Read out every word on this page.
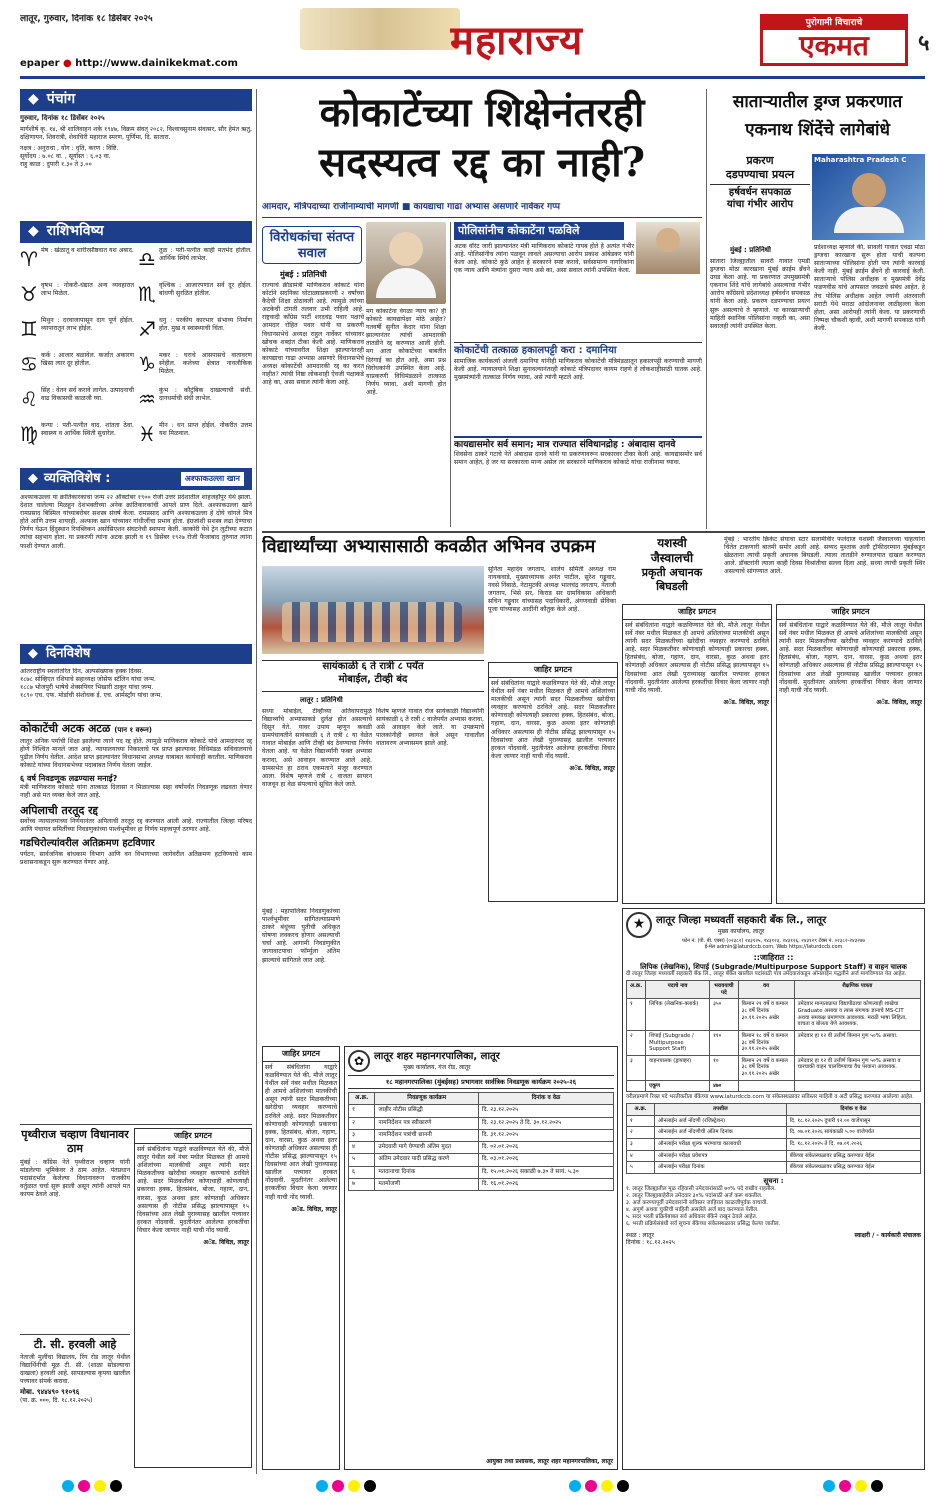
लातूर, गुरुवार, दिनांक १८ डिसेंबर २०२५
epaper ● http://www.dainikekmat.com	महाराज्य	पुरोगामी विचाराचे
एकमत	५
◆ पंचांग
गुरुवार, दिनांक १८ डिसेंबर २०२५
मार्गशीर्ष कृ. १४, श्री शालिवाहन शके १९४७, विक्रम संवत् २०८२, विश्वावसुनाम संवत्सर, सौर हेमंत ऋतु, दक्षिणायन, शिवरात्री, शेवाचिरी महाराज स्मरण, पूर्णिमा, दि. सातारा.
नक्षत्र : अनुराधा , योग : धृति, करण : विष्टि.
सूर्योदय : ७.०८ वा. , सूर्यास्त : ६.०३ वा.
राहु काळ : दुपारी १.३० ते ३.००
◆ राशिभविष्य
♈ मेष : खेळातू व शारीरसौष्ठवात यश अबाद. ♎ तूळ : पती-पत्नीत काही मतभेद होतील. आर्थिक स्थिर्य लाभेल.
♉ वृषभ : नोकरी-धंद्यात अन्य व्यवहारात लाभ मिळेल.	♏ वृश्चिक : आजारपणात सर्व दूर होईल. बांधणी सुरळित होतील.
♊ मिथुन : दरवाजापासून दाग पूर्ण होईल. व्यापारातून लाभ होईल.	♐ धनु : परकीय कारभार संभाव्य निर्माण होत. मुख व स्वास्थ्याची चिंता.
♋ कर्क : आजार बळावेल. कर्जात अकारण खिसा त्यार दूर होतील.	♑ मकर : घराचे आसपासचे वातावरण स्नेहील. कलेच्या क्षेत्रात नावलौकिक मिळेल.
♌ सिंह : वेतन सर्व करावे लागेल. उत्पादनाची वाढ विकासची काळजी घ्या.	♒ कुंभ : कौटुंबिक दाखल्याची संधी. दानधर्माची संधी लाभेल.
♍ कन्या : पती-पत्नीत वाद. शांतता ठेवा. स्वास्थ्य व आर्थिक स्थिती सुधारेल.	♓ मीन : धन प्राप्त होईल. नोकरीत उत्तम यश मिळवाल.
◆ व्यक्तिविशेष :	अश्फाकउल्ला खान
अश्फाकउल्ला या क्रांतिकारकाचा जन्म २२ ऑक्टोबर १९०० रोजी उत्तर प्रदेशातील शाहजहाँपूर येथे झाला. देशात चालेल्या मिळहून देशभक्तीच्या अनेक क्रांतिकारकांची आपले प्राण दिले. अश्फाकउल्ला खाने रामप्रसाद बिस्मिल यांच्याबरोबर सशस्त्र संघर्ष केला. रामप्रसाद आणि अश्फाकउल्ला हे दोघे चांगले मित्र होते आणि उत्तम शायरही. अश्फाक खान यांच्यावर गांधीजींचा प्रभाव होता. इंग्रजांशी सशस्त्र लढा देण्याचा निर्णय घेऊन हिंदुस्थान रिपब्लिकन असोसिएशन संघटनेची स्थापना केली. काकोरी येथे ट्रेन लुटीच्या कटात त्यांचा सहभाग होता. या प्रकरणी त्यांना अटक झाली व १९ डिसेंबर १९२७ रोजी फैजाबाद तुरुंगात त्यांना फाशी देण्यात आली.
◆ दिनविशेष
आंतरराष्ट्रीय स्थलांतरित दिन, अल्पसंख्याक हक्क दिवस.
१८७८ सोव्हिएत रशियाचे सहाध्यक्ष जोसेफ स्टॅलिन यांचा जन्म.
१८८७ भोजपुरी भाषेचे शेक्सपियर भिखारी ठाकूर यांचा जन्म.
१८९० एच. एफ. मोर्डाची संशोधक ई. एच. आर्मस्ट्राँग यांचा जन्म.
कोकाटेंची अटक अटळ (पान १ वरून)
लातूर अनिक पर्याची शिक्षा झालेल्या त्याने पद रद्द होते. त्यामुळे माणिकराव कोकाटे यांचे आमदारपद रद्द होणे निश्चित मानले जात आहे. न्यायालयाच्या निकालाचे पत्र प्राप्त झाल्यावर विधिमंडळ सचिवालयाचे पुढील निर्णय घेतील. आदेश प्राप्त झाल्यानंतर विधानसभा अध्यक्ष याबाबत कार्यवाही करतील. माणिकराव कोकाटे यांच्या विधानसभेच्या पदाबाबत निर्णय घेतला जाईल.
६ वर्ष निवडणूक लढण्यास मनाई?
मंत्री माणिकराव कोकाटे यांना तात्काळ दिलासा न मिळाल्यास सहा वर्षांपर्यंत निवडणूक लढवता येणार नाही असे मत व्यक्त केले जात आहे.
अपिलाची तरतूद रद्द
सर्वोच्च न्यायालयाच्या निर्णयानंतर अपिलाची तरतूद रद्द करण्यात आली आहे. राज्यातील जिल्हा परिषद आणि पंचायत समितींच्या निवडणुकांच्या पार्श्वभूमीवर हा निर्णय महत्त्वपूर्ण ठरणार आहे.
गडचिरोल्यांवरील अतिक्रमण हटविणार
पर्यटन, सार्वजनिक बांधकाम विभाग आणि वन विभागाच्या जागेवरील अतिक्रमण हटविण्याचे काम प्रशासनाकडून सुरू करण्यात येणार आहे.
पृथ्वीराज चव्हाण विधानावर ठाम
मुंबई : काँग्रेस नेते पृथ्वीराज चव्हाण यांनी मांडलेल्या भूमिकेवर ते ठाम आहेत. पंतप्रधान पदासंदर्भात केलेल्या विधानावरून राजकीय वर्तुळात चर्चा सुरू झाली असून त्यांनी आपले मत कायम ठेवले आहे.
टी. सी. हरवली आहे
नेताजी मुलींचा विद्यालय, रिंग रोड लातूर येथील विद्यार्थिनीची मूळ टी. सी. (शाळा सोडल्याचा दाखला) हरवली आहे. सापडल्यास कृपया खालील पत्त्यावर संपर्क करावा.
मोबा. ९४४४९० ९१०९६
(पा. क्र. ०००, दि. १८.१२.२०२५)
जाहिर प्रगटन
सर्व संबंधितांना याद्वारे कळविण्यात येते की, मौजे लातूर येथील सर्वे नंबर मधील मिळकत ही आमचे अशिलांच्या मालकीची असून त्यांनी सदर मिळकतीच्या खरेदीचा व्यवहार करण्याचे ठरविले आहे. सदर मिळकतीवर कोणाचाही कोणत्याही प्रकारचा हक्क, हितसंबंध, बोजा, गहाण, दान, वारसा, कुळ अथवा इतर कोणताही अधिकार असल्यास ही नोटीस प्रसिद्ध झाल्यापासून १५ दिवसांच्या आत लेखी पुराव्यासह खालील पत्त्यावर हरकत नोंदवावी. मुदतीनंतर आलेल्या हरकतींचा विचार केला जाणार नाही याची नोंद घ्यावी.
अॅड. विधिज्ञ, लातूर
कोकाटेंच्या शिक्षेनंतरही
सदस्यत्व रद्द का नाही?
आमदार, मंत्रिपदाच्या राजीनाम्याची मागणी ■ कायद्याचा गाढा अभ्यास असणारे नार्वेकर गप्प
विरोधकांचा संतप्त सवाल
मुंबई : प्रतिनिधी
राज्याचे क्रीडामंत्री माणिकराव कोकाटे यांना कोर्टाने सदनिका घोटाळ्याप्रकरणी २ वर्षांच्या कैदेची शिक्षा ठोठावली आहे. त्यामुळे त्यांच्या अटकेची टांगती तलवार उभी राहिली आहे. राष्ट्रवादी काँग्रेस पार्टी शरदचंद्र पवार पक्षाचे आमदार रोहित पवार यांनी या प्रकरणी विधानसभेचे अध्यक्ष राहुल नार्वेकर यांच्यावर खोचक शब्दांत टीका केली आहे. माणिकराव कोकाटे यांच्यावरील शिक्षा झाल्यानंतरही कायद्याचा गाढा अभ्यास असणारे विधानसभेचे अध्यक्ष कोकाटेंची आमदारकी रद्द का करत नाहीत? त्यांची निष्ठा लोकशाही ऐवजी पक्षाकडे आहे का, असा सवाल त्यांनी केला आहे.
मग कोकाटेंना वेगळा न्याय का? ही कोकाटे कायद्यापेक्षा मोठे आहेत? गतवर्षी सुनील केदार यांना शिक्षा झाल्यानंतर त्यांची आमदारकी तातडीने रद्द करण्यात आली होती. मग आता कोकाटेंच्या बाबतीत दिरंगाई का होत आहे, असा प्रश्न विरोधकांनी उपस्थित केला आहे. याप्रकरणी विधिमंडळाने तात्काळ निर्णय घ्यावा, अशी मागणी होत आहे.
पोलिसांनीच कोकाटेंना पळविले
अटक वॉरंट जारी झाल्यानंतर मंत्री माणिकराव कोकाटे गायब होते हे अत्यंत गंभीर आहे. पोलिसांनीच त्यांना पळवून लावले असल्याचा आरोप प्रकाश आंबेडकर यांनी केला आहे. कोकाटे कुठे आहेत हे सरकारने स्पष्ट करावे, सर्वसामान्य नागरिकांना एक न्याय आणि मंत्र्यांना दुसरा न्याय असे का, असा सवाल त्यांनी उपस्थित केला.
कोकाटेंची तत्काळ हकालपट्टी करा : दमानिया
सामाजिक कार्यकर्त्या अंजली दमानिया यांनीही माणिकराव कोकाटेंची मंत्रिमंडळातून हकालपट्टी करण्याची मागणी केली आहे. न्यायालयाने शिक्षा सुनावल्यानंतरही कोकाटे मंत्रिपदावर कायम राहणे हे लोकशाहीसाठी घातक आहे. मुख्यमंत्र्यांनी तात्काळ निर्णय घ्यावा, असे त्यांनी म्हटले आहे.
कायद्यासमोर सर्व समान; मात्र राज्यात संविधानद्रोह : अंबादास दानवे
शिवसेना ठाकरे गटाचे नेते अंबादास दानवे यांनी या प्रकरणावरून सरकारवर टीका केली आहे. कायद्यासमोर सर्व समान आहेत, हे जर या सरकारला मान्य असेल तर सरकारने माणिकराव कोकाटे यांचा राजीनामा घ्यावा.
साताऱ्यातील ड्रग्ज प्रकरणात
एकनाथ शिंदेंचे लागेबांधे
प्रकरण
दडपण्याचा प्रयत्न
हर्षवर्धन सपकाळ
यांचा गंभीर आरोप
Maharashtra Pradesh C
मुंबई : प्रतिनिधी
सातारा जिल्ह्यातील सावरी गावात एमडी ड्रग्जचा मोठा कारखाना मुंबई क्राईम ब्रँचने उघड केला आहे. या प्रकरणात उपमुख्यमंत्री एकनाथ शिंदे यांचे लागेबांधे असल्याचा गंभीर आरोप काँग्रेसचे प्रदेशाध्यक्ष हर्षवर्धन सपकाळ यांनी केला आहे. प्रकरण दडपण्याचा प्रयत्न सुरू असल्याचे ते म्हणाले. या कारखान्याची माहिती स्थानिक पोलिसांना नव्हती का, असा सवालही त्यांनी उपस्थित केला.
प्रदेशाध्यक्ष म्हणाले की, सावली गावात एवढा मोठा ड्रग्जचा कारखाना सुरू होता याची कल्पना साताऱ्याच्या पोलिसांना होती पण त्यांनी कारवाई केली नाही. मुंबई क्राईम ब्रँचने ही कारवाई केली. साताऱ्याचे पोलिस अधीक्षक व मुख्यमंत्री देवेंद्र फडणवीस यांचे आपसात जवळचे संबंध आहेत. हे तेच पोलिस अधीक्षक आहेत ज्यांनी अंतरवाली सराटी येथे मराठा आंदोलनावर लाठीहल्ला केला होता, असा आरोपही त्यांनी केला. या प्रकरणाची निष्पक्ष चौकशी व्हावी, अशी मागणी सपकाळ यांनी केली.
विद्यार्थ्यांच्या अभ्यासासाठी कवळीत अभिनव उपक्रम
सुनिता महादेव जगताप, शालेय समिती अध्यक्ष राम नायकवाडे, मुख्याध्यापक अनंत पाटील, सुरेश गड्डूवार, नवसे निंबाळे, नेटामुटकी अध्यक्ष भालचंद्र जगताप, नेताजी जगताप, भिसे सर, किराड सर ग्रामविकास अधिकारी सचिन गड्डूवार यांच्यासह पदाधिकारी, अंगणवाडी सेविका पूजा यांच्यासह आदींनी कौतुक केले आहे.
सायंकाळी ६ ते रात्री ८ पर्यंत
मोबाईल, टीव्ही बंद
लातूर : प्रतिनिधी
सध्या मोबाईल, टीव्हीच्या अतिवापरामुळे विद्यार्थ्यांचे अभ्यासाकडे दुर्लक्ष होत असल्याचे दिसून येते. यावर उपाय म्हणून कवळी ग्रामपंचायतीने सायंकाळी ६ ते रात्री ८ या वेळेत गावात मोबाईल आणि टीव्ही बंद ठेवण्याचा निर्णय घेतला आहे. या वेळेत विद्यार्थ्यांनी फक्त अभ्यास करावा, असे आवाहन करण्यात आले आहे. ग्रामसभेत हा ठराव एकमताने मंजूर करण्यात आला. विशेष म्हणजे रात्री ८ वाजता सायरन वाजवून हा वेळ संपल्याचे सूचित केले जाते.
विशेष म्हणजे गावात रोज सायंकाळी विद्यार्थ्यांनी सायंकाळी ६ ते रात्री ८ वाजेपर्यंत अभ्यास करावा, असे आवाहन केले जाते. या उपक्रमाचे पालकांनीही स्वागत केले असून गावातील वातावरण अभ्यासमय झाले आहे.
जाहिर प्रगटन
सर्व संबंधितांना याद्वारे कळविण्यात येते की, मौजे लातूर येथील सर्वे नंबर मधील मिळकत ही आमचे अशिलांच्या मालकीची असून त्यांनी सदर मिळकतीच्या खरेदीचा व्यवहार करण्याचे ठरविले आहे. सदर मिळकतीवर कोणाचाही कोणत्याही प्रकारचा हक्क, हितसंबंध, बोजा, गहाण, दान, वारसा, कुळ अथवा इतर कोणताही अधिकार असल्यास ही नोटीस प्रसिद्ध झाल्यापासून १५ दिवसांच्या आत लेखी पुराव्यासह खालील पत्त्यावर हरकत नोंदवावी. मुदतीनंतर आलेल्या हरकतींचा विचार केला जाणार नाही याची नोंद घ्यावी.
अॅड. विधिज्ञ, लातूर
यशस्वी
जैस्वालची
प्रकृती अचानक
बिघडली
मुंबई : भारतीय क्रिकेट संघाचा स्टार सलामीवीर फलंदाज यशस्वी जैस्वालच्या चाहत्यांना चिंतेत टाकणारी बातमी समोर आली आहे. सय्यद मुश्ताक अली ट्रॉफीदरम्यान मुंबईकडून खेळताना त्याची प्रकृती अचानक बिघडली. त्याला तातडीने रुग्णालयात दाखल करण्यात आले. डॉक्टरांनी त्याला काही दिवस विश्रांतीचा सल्ला दिला आहे. सध्या त्याची प्रकृती स्थिर असल्याचे सांगण्यात आले.
जाहिर प्रगटन
सर्व संबंधितांना याद्वारे कळविण्यात येते की, मौजे लातूर येथील सर्वे नंबर मधील मिळकत ही आमचे अशिलांच्या मालकीची असून त्यांनी सदर मिळकतीच्या खरेदीचा व्यवहार करण्याचे ठरविले आहे. सदर मिळकतीवर कोणाचाही कोणत्याही प्रकारचा हक्क, हितसंबंध, बोजा, गहाण, दान, वारसा, कुळ अथवा इतर कोणताही अधिकार असल्यास ही नोटीस प्रसिद्ध झाल्यापासून १५ दिवसांच्या आत लेखी पुराव्यासह खालील पत्त्यावर हरकत नोंदवावी. मुदतीनंतर आलेल्या हरकतींचा विचार केला जाणार नाही याची नोंद घ्यावी.
अॅड. विधिज्ञ, लातूर
जाहिर प्रगटन
सर्व संबंधितांना याद्वारे कळविण्यात येते की, मौजे लातूर येथील सर्वे नंबर मधील मिळकत ही आमचे अशिलांच्या मालकीची असून त्यांनी सदर मिळकतीच्या खरेदीचा व्यवहार करण्याचे ठरविले आहे. सदर मिळकतीवर कोणाचाही कोणत्याही प्रकारचा हक्क, हितसंबंध, बोजा, गहाण, दान, वारसा, कुळ अथवा इतर कोणताही अधिकार असल्यास ही नोटीस प्रसिद्ध झाल्यापासून १५ दिवसांच्या आत लेखी पुराव्यासह खालील पत्त्यावर हरकत नोंदवावी. मुदतीनंतर आलेल्या हरकतींचा विचार केला जाणार नाही याची नोंद घ्यावी.
अॅड. विधिज्ञ, लातूर
मुंबई : महापालिका निवडणुकांच्या पार्श्वभूमीवर सांगितल्याप्रमाणे ठाकरे बंधूंच्या युतीची अधिकृत घोषणा लवकरच होणार असल्याची चर्चा आहे. आगामी निवडणुकीत जागावाटपाचा फॉर्म्युला अंतिम झाल्याचे सांगितले जात आहे.
★	लातूर जिल्हा मध्यवर्ती सहकारी बँक लि., लातूर
मुख्य कार्यालय, लातूर
फोन नं. (पी. बी. एक्स) (०२३८२) २४३१२५, २४३१२३, २४३१२६, २४३१२९ टॅक्स नं. ०२३८२-२४३२४७
ई-मेल admin@laturdccb.com, Web https://laturdccb.com
::जाहिरात ::
लिपिक (लेखनिक), शिपाई (Subgrade/Multipurpose Support Staff) व वाहन चालक
दी लातूर जिल्हा मध्यवर्ती सहकारी बँक लि., लातूर बँकेत खालील पदांसाठी पात्र उमेदवारांकडून ऑनलाईन पद्धतीने अर्ज मागविण्यात येत आहेत.
अ.क्र.	पदाचे नाव	भरावयाची पदे	वय	शैक्षणिक पात्रता
१	लिपिक (लेखनिक-क्लार्क)	३५०	किमान २१ वर्षे व कमाल ३८ वर्षे दिनांक ३०.११.२०२५ अखेर	उमेदवार मान्यताप्राप्त विद्यापीठाचा कोणत्याही शाखेचा Graduate असावा व त्यास संगणक ज्ञानाचे MS-CIT अथवा समकक्ष प्रमाणपत्र आवश्यक. मराठी भाषा लिहिता, वाचता व बोलता येणे आवश्यक.
२	शिपाई (Subgrade / Multipurpose Support Staff)	११०	किमान १८ वर्षे व कमाल ३८ वर्षे दिनांक ३०.११.२०२५ अखेर	उमेदवार हा १२ वी उत्तीर्ण किमान गुण ५०% असावा.
३	वाहनचालक (ड्रायव्हर)	१०	किमान २१ वर्षे व कमाल ३८ वर्षे दिनांक ३०.११.२०२५ अखेर	उमेदवार हा १२ वी उत्तीर्ण किमान गुण ५०% असावा व चारचाकी वाहन चालविण्याचा वैध परवाना आवश्यक.
	एकूण	४७०		
वरीलप्रमाणे रिक्त पदे भरतीकरीता बँकेच्या www.laturdccb.com या संकेतस्थळावर सविस्तर माहिती व अटी प्रसिद्ध करण्यात आलेल्या आहेत.
अ.क्र.	तपशील	दिनांक व वेळ
१	ऑनलाईन अर्ज नोंदणी (रजिस्ट्रेशन)	दि. १८.१२.२०२५ दुपारी १२.०० वाजेपासून
२	ऑनलाईन अर्ज नोंदणीची अंतिम दिनांक	दि. ०७.०१.२०२६ सायंकाळी ५.०० वाजेपर्यंत
३	ऑनलाईन परीक्षा शुल्क भरण्याचा कालावधी	दि. १८.१२.२०२५ ते दि. ०७.०१.२०२६
४	ऑनलाईन परीक्षा प्रवेशपत्र	बँकेच्या संकेतस्थळावर प्रसिद्ध करण्यात येईल
५	ऑनलाईन परीक्षा दिनांक	बँकेच्या संकेतस्थळावर प्रसिद्ध करण्यात येईल
सूचना :
१. लातूर जिल्ह्यातील मूळ रहिवासी उमेदवारांसाठी ७०% पदे राखीव राहतील.
२. लातूर जिल्ह्याबाहेरील उमेदवार ३०% पदांसाठी अर्ज करू शकतील.
३. अर्ज करण्यापूर्वी उमेदवारांनी सविस्तर जाहिरात काळजीपूर्वक वाचावी.
४. अपूर्ण अथवा चुकीची माहिती असलेले अर्ज बाद करण्यात येतील.
५. सदर भरती प्रक्रियेबाबत सर्व अधिकार बँकेने राखून ठेवले आहेत.
६. भरती प्रक्रियेसंबंधी सर्व सूचना बँकेच्या संकेतस्थळावर प्रसिद्ध केल्या जातील.
स्थळ : लातूर
दिनांक : १८.१२.२०२५
स्वाक्षरी / - कार्यकारी संचालक
✿ लातूर शहर महानगरपालिका, लातूर
मुख्य कार्यालय, गंज रोड, लातूर
१८ महानगरपालिका (मुंबईसह) प्रभागवार सार्वत्रिक निवडणूक कार्यक्रम २०२५-२६
अ.क्र.	निवडणूक कार्यक्रम	दिनांक व वेळ
१	जाहीर नोटीस प्रसिद्धी	दि. २३.१२.२०२५
२	नामनिर्देशन पत्र स्वीकारणे	दि. २३.१२.२०२५ ते दि. ३०.१२.२०२५
३	नामनिर्देशन पत्रांची छाननी	दि. ३१.१२.२०२५
४	उमेदवारी मागे घेण्याची अंतिम मुदत	दि. ०२.०१.२०२६
५	अंतिम उमेदवार यादी प्रसिद्ध करणे	दि. ०३.०१.२०२६
६	मतदानाचा दिनांक	दि. १५.०१.२०२६ सकाळी ७.३० ते सायं. ५.३०
७	मतमोजणी	दि. १६.०१.२०२६
आयुक्त तथा प्रशासक, लातूर शहर महानगरपालिका, लातूर
जाहिर प्रगटन
सर्व संबंधितांना याद्वारे कळविण्यात येते की, मौजे लातूर येथील सर्वे नंबर मधील मिळकत ही आमचे अशिलांच्या मालकीची असून त्यांनी सदर मिळकतीच्या खरेदीचा व्यवहार करण्याचे ठरविले आहे. सदर मिळकतीवर कोणाचाही कोणत्याही प्रकारचा हक्क, हितसंबंध, बोजा, गहाण, दान, वारसा, कुळ अथवा इतर कोणताही अधिकार असल्यास ही नोटीस प्रसिद्ध झाल्यापासून १५ दिवसांच्या आत लेखी पुराव्यासह खालील पत्त्यावर हरकत नोंदवावी. मुदतीनंतर आलेल्या हरकतींचा विचार केला जाणार नाही याची नोंद घ्यावी.
अॅड. विधिज्ञ, लातूर
